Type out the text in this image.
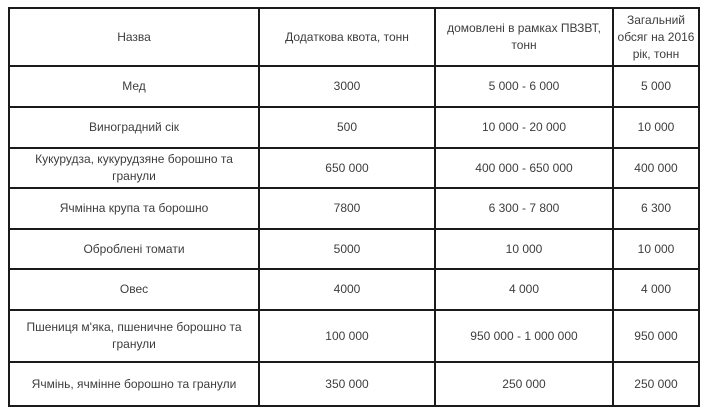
Назва	Додаткова квота, тонн	домовлені в рамках ПВЗВТ, тонн	Загальний обсяг на 2016 рік, тонн
Мед	3000	5 000 - 6 000	5 000
Виноградний сік	500	10 000 - 20 000	10 000
Кукурудза, кукурудзяне борошно та гранули	650 000	400 000 - 650 000	400 000
Ячмінна крупа та борошно	7800	6 300 - 7 800	6 300
Оброблені томати	5000	10 000	10 000
Овес	4000	4 000	4 000
Пшениця м'яка, пшеничне борошно та гранули	100 000	950 000 - 1 000 000	950 000
Ячмінь, ячмінне борошно та гранули	350 000	250 000	250 000
